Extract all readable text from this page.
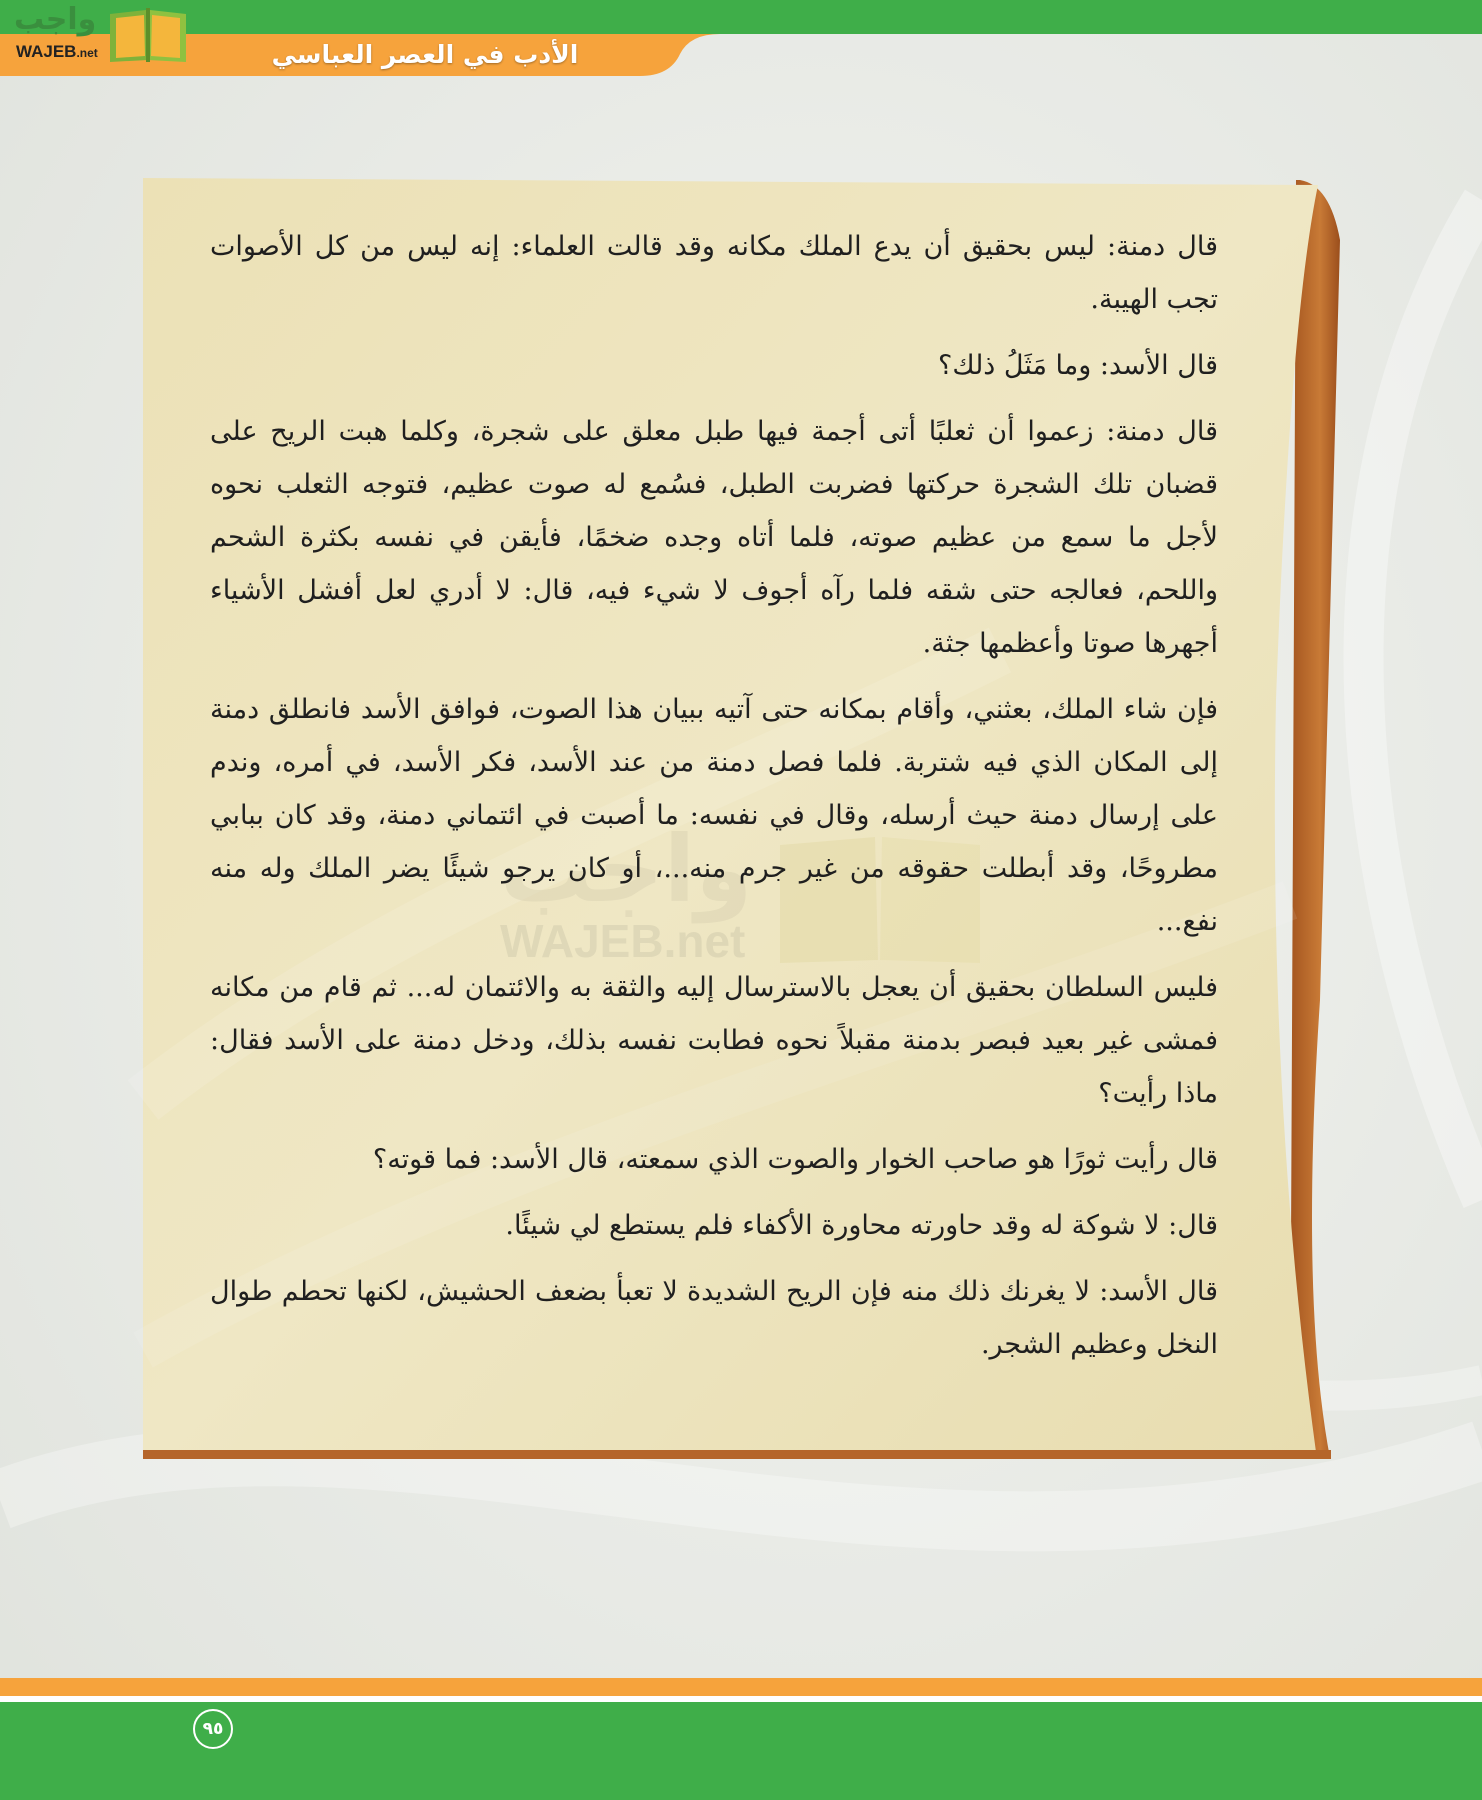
الأدب في العصر العباسي
واجب
WAJEB.net
واجب
WAJEB.net

قال دمنة: ليس بحقيق أن يدع الملك مكانه وقد قالت العلماء: إنه ليس من كل الأصوات تجب الهيبة.

قال الأسد: وما مَثَلُ ذلك؟

قال دمنة: زعموا أن ثعلبًا أتى أجمة فيها طبل معلق على شجرة، وكلما هبت الريح على قضبان تلك الشجرة حركتها فضربت الطبل، فسُمع له صوت عظيم، فتوجه الثعلب نحوه لأجل ما سمع من عظيم صوته، فلما أتاه وجده ضخمًا، فأيقن في نفسه بكثرة الشحم واللحم، فعالجه حتى شقه فلما رآه أجوف لا شيء فيه، قال: لا أدري لعل أفشل الأشياء أجهرها صوتا وأعظمها جثة.

فإن شاء الملك، بعثني، وأقام بمكانه حتى آتيه ببيان هذا الصوت، فوافق الأسد فانطلق دمنة إلى المكان الذي فيه شتربة. فلما فصل دمنة من عند الأسد، فكر الأسد، في أمره، وندم على إرسال دمنة حيث أرسله، وقال في نفسه: ما أصبت في ائتماني دمنة، وقد كان ببابي مطروحًا، وقد أبطلت حقوقه من غير جرم منه...، أو كان يرجو شيئًا يضر الملك وله منه نفع...

فليس السلطان بحقيق أن يعجل بالاسترسال إليه والثقة به والائتمان له... ثم قام من مكانه فمشى غير بعيد فبصر بدمنة مقبلاً نحوه فطابت نفسه بذلك، ودخل دمنة على الأسد فقال: ماذا رأيت؟

قال رأيت ثورًا هو صاحب الخوار والصوت الذي سمعته، قال الأسد: فما قوته؟

قال: لا شوكة له وقد حاورته محاورة الأكفاء فلم يستطع لي شيئًا.

قال الأسد: لا يغرنك ذلك منه فإن الريح الشديدة لا تعبأ بضعف الحشيش، لكنها تحطم طوال النخل وعظيم الشجر.

٩٥
